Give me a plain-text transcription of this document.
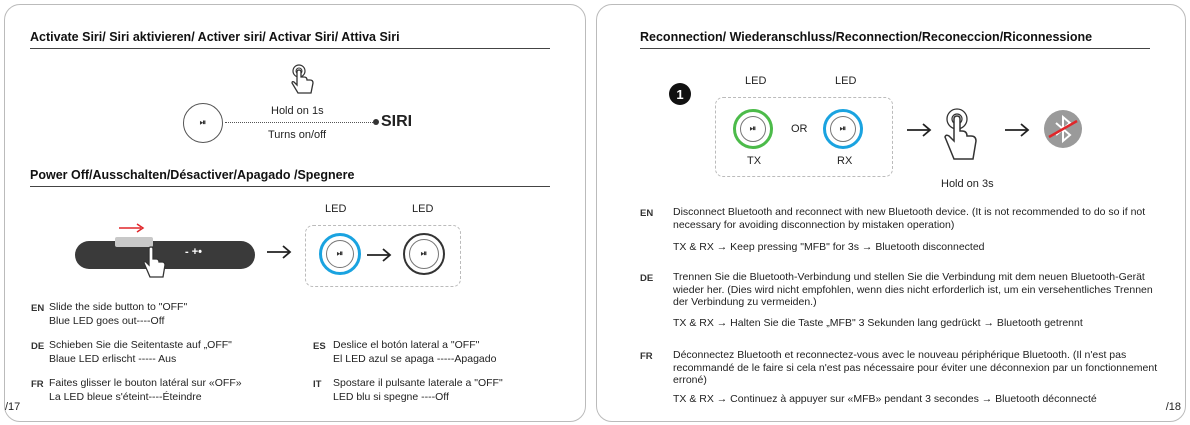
Activate Siri/ Siri aktivieren/ Activer siri/ Activar Siri/ Attiva Siri
⏯
Hold on 1s
Turns on/off
SIRI
Power Off/Ausschalten/Désactiver/Apagado /Spegnere
- +•
LED	LED
⏯	⏯
EN Slide the side button to "OFF"
Blue LED goes out----Off
DE Schieben Sie die Seitentaste auf „OFF"
Blaue LED erlischt ----- Aus
FR Faites glisser le bouton latéral sur «OFF»
La LED bleue s'éteint----Éteindre
ES Deslice el botón lateral a "OFF"
El LED azul se apaga -----Apagado
IT Spostare il pulsante laterale a "OFF"
LED blu si spegne ----Off
/17
Reconnection/ Wiederanschluss/Reconnection/Reconeccion/Riconnessione
1
LED	LED
⏯	OR	⏯
TX	RX
Hold on 3s
EN Disconnect Bluetooth and reconnect with new Bluetooth device. (It is not recommended to do so if not necessary for avoiding disconnection by mistaken operation)
TX & RX → Keep pressing "MFB" for 3s → Bluetooth disconnected
DE Trennen Sie die Bluetooth-Verbindung und stellen Sie die Verbindung mit dem neuen Bluetooth-Gerät wieder her. (Dies wird nicht empfohlen, wenn dies nicht erforderlich ist, um ein versehentliches Trennen der Verbindung zu vermeiden.)
TX & RX → Halten Sie die Taste „MFB" 3 Sekunden lang gedrückt → Bluetooth getrennt
FR Déconnectez Bluetooth et reconnectez-vous avec le nouveau périphérique Bluetooth. (Il n'est pas recommandé de le faire si cela n'est pas nécessaire pour éviter une déconnexion par un fonctionnement erroné)
TX & RX → Continuez à appuyer sur «MFB» pendant 3 secondes → Bluetooth déconnecté
/18
